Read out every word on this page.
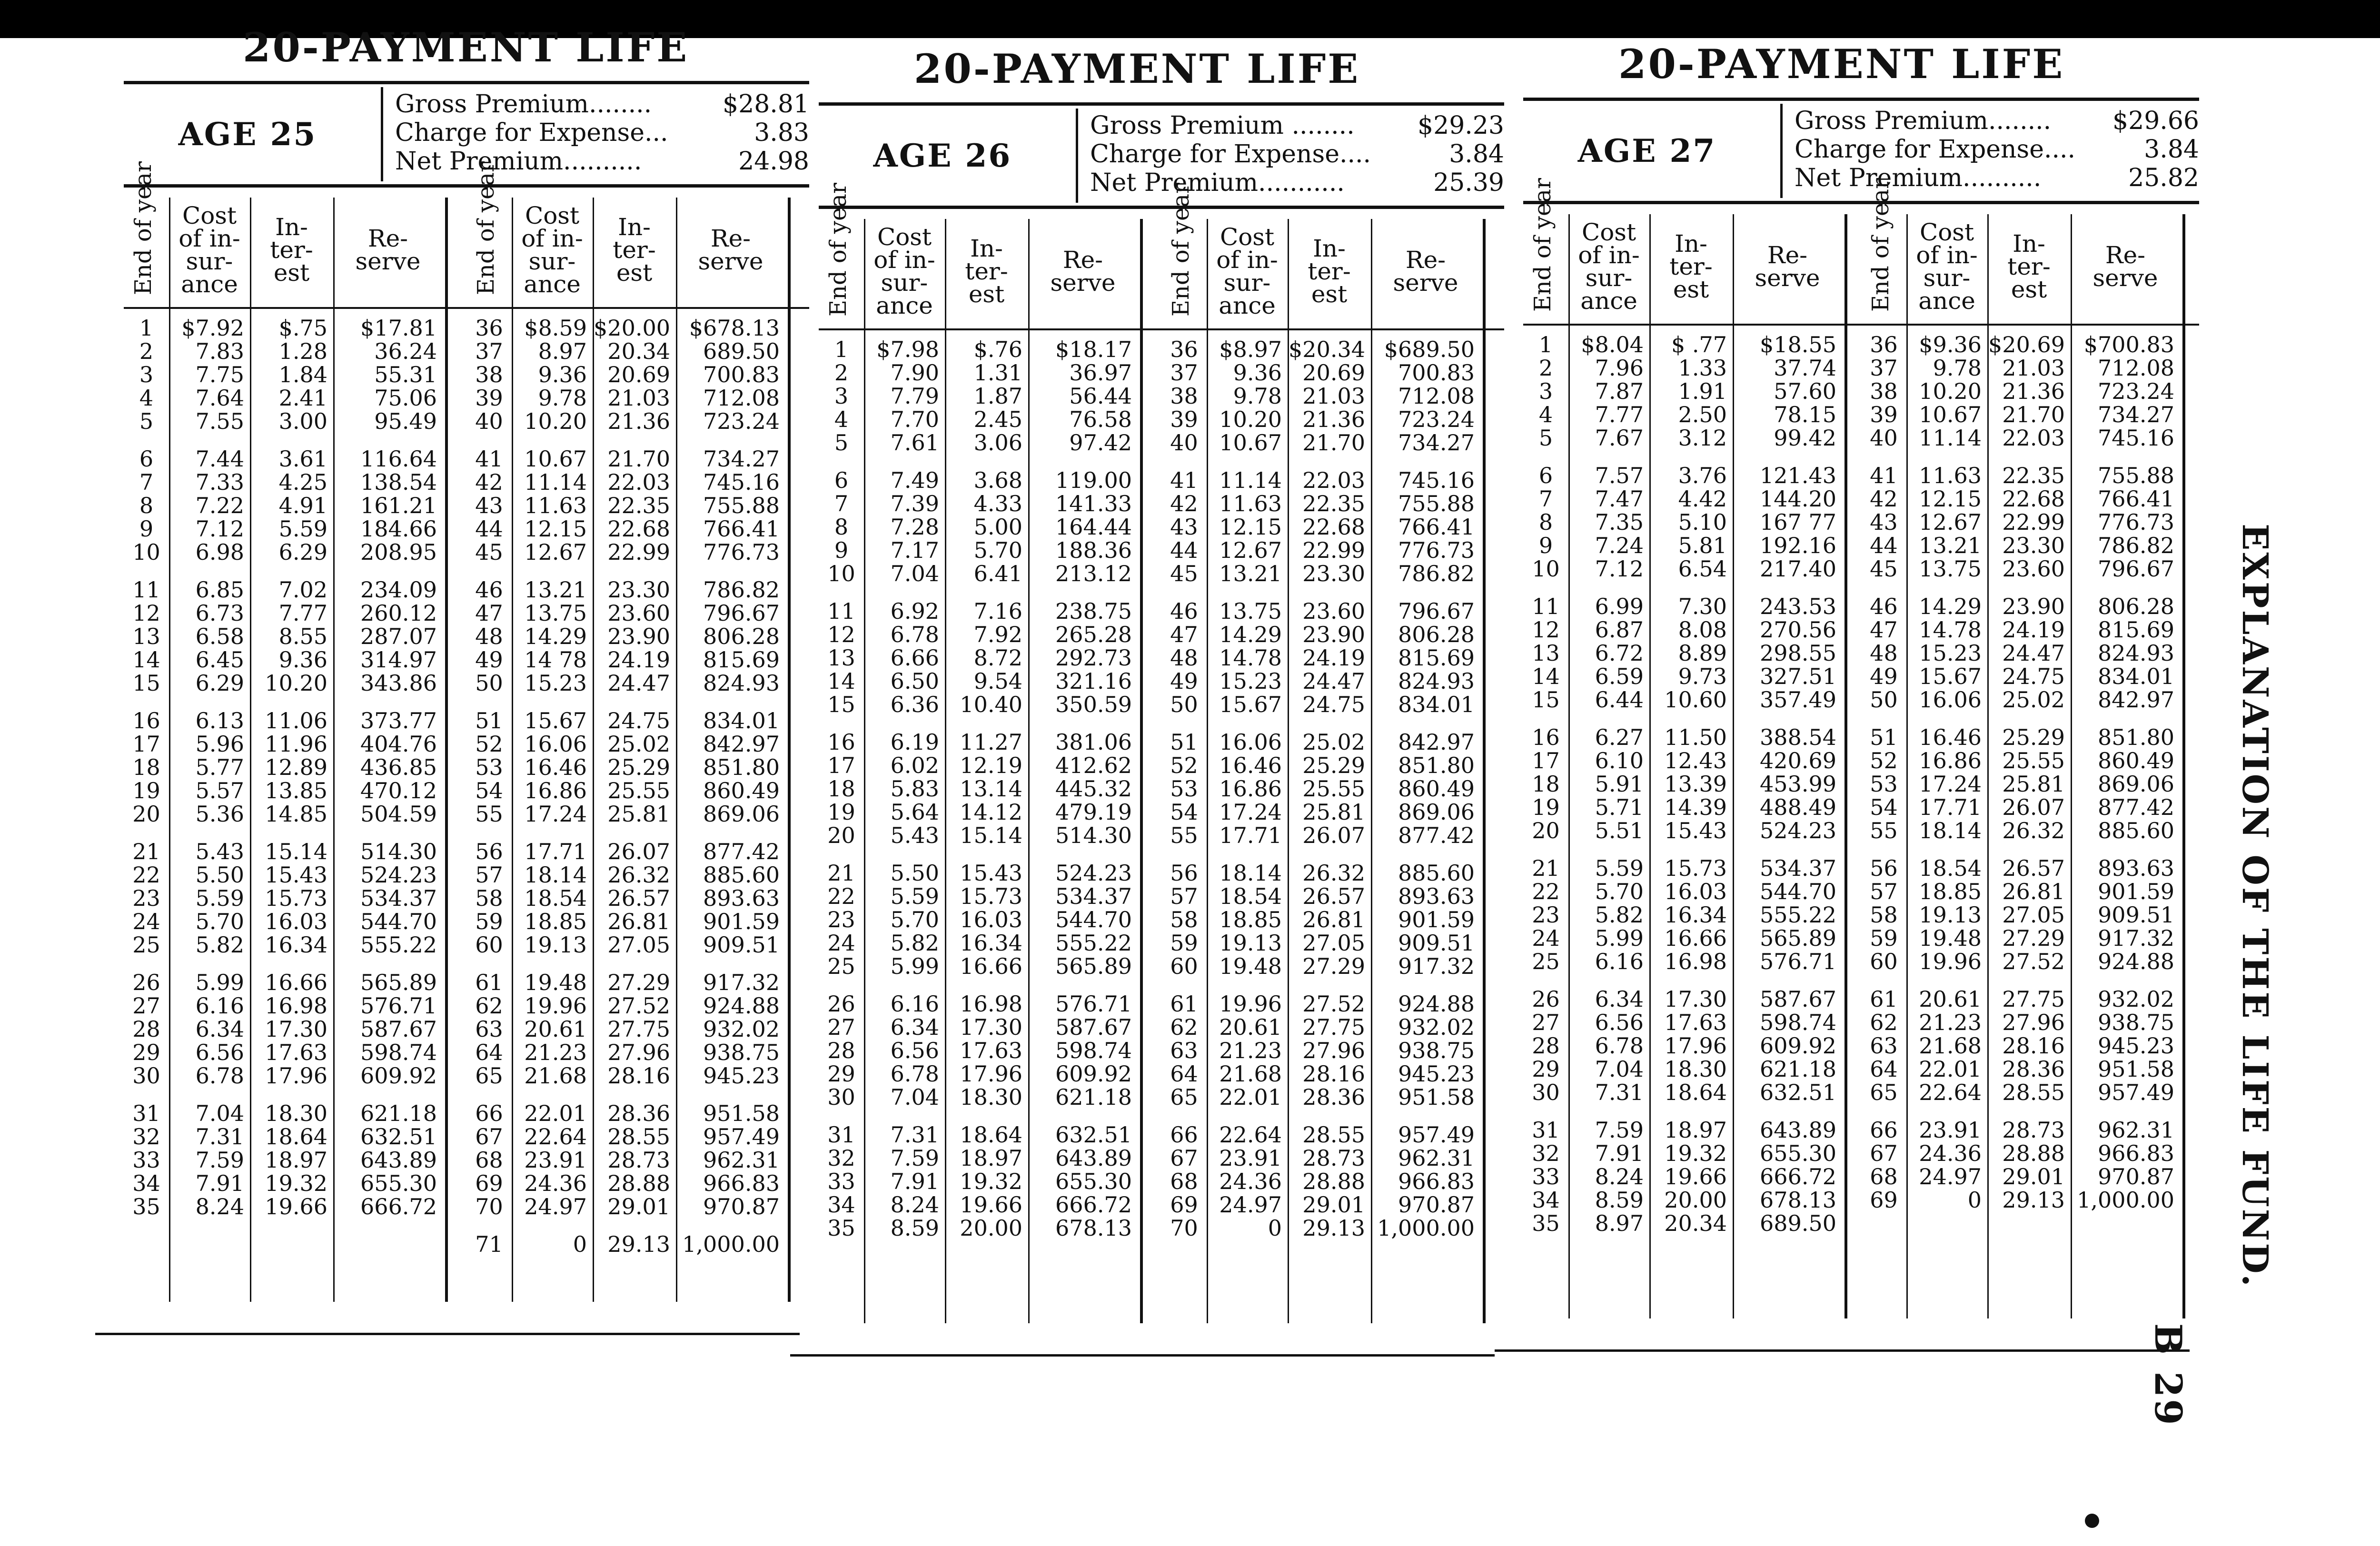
20-PAYMENT LIFE
AGE 25
Gross Premium........	$28.81
Charge for Expense...	3.83
Net Premium..........	24.98
End of year	Cost
of in-
sur-
ance
In-
ter-
est
Re-
serve
1	$7.92	$.75	$17.81
2	7.83	1.28	36.24
3	7.75	1.84	55.31
4	7.64	2.41	75.06
5	7.55	3.00	95.49
6	7.44	3.61	116.64
7	7.33	4.25	138.54
8	7.22	4.91	161.21
9	7.12	5.59	184.66
10	6.98	6.29	208.95
11	6.85	7.02	234.09
12	6.73	7.77	260.12
13	6.58	8.55	287.07
14	6.45	9.36	314.97
15	6.29 10.20	343.86
16	6.13 11.06	373.77
17	5.96 11.96	404.76
18	5.77 12.89	436.85
19	5.57 13.85	470.12
20	5.36 14.85	504.59
21	5.43 15.14	514.30
22	5.50 15.43	524.23
23	5.59 15.73	534.37
24	5.70 16.03	544.70
25	5.82 16.34	555.22
26	5.99 16.66	565.89
27	6.16 16.98	576.71
28	6.34 17.30	587.67
29	6.56 17.63	598.74
30	6.78 17.96	609.92
31	7.04 18.30	621.18
32	7.31 18.64	632.51
33	7.59 18.97	643.89
34	7.91 19.32	655.30
35	8.24 19.66	666.72
End of year	Cost
of in-
sur-
ance
In-
ter-
est
Re-
serve
36 $8.59 $20.00 $678.13
37	8.97 20.34	689.50
38	9.36 20.69	700.83
39	9.78 21.03	712.08
40 10.20 21.36	723.24
41 10.67 21.70	734.27
42 11.14 22.03	745.16
43 11.63 22.35	755.88
44 12.15 22.68	766.41
45 12.67 22.99	776.73
46 13.21 23.30	786.82
47 13.75 23.60	796.67
48 14.29 23.90	806.28
49 14 78 24.19	815.69
50 15.23 24.47	824.93
51 15.67 24.75	834.01
52 16.06 25.02	842.97
53 16.46 25.29	851.80
54 16.86 25.55	860.49
55 17.24 25.81	869.06
56 17.71 26.07	877.42
57 18.14 26.32	885.60
58 18.54 26.57	893.63
59 18.85 26.81	901.59
60 19.13 27.05	909.51
61 19.48 27.29	917.32
62 19.96 27.52	924.88
63 20.61 27.75	932.02
64 21.23 27.96	938.75
65 21.68 28.16	945.23
66 22.01 28.36	951.58
67 22.64 28.55	957.49
68 23.91 28.73	962.31
69 24.36 28.88	966.83
70 24.97 29.01	970.87
71	0 29.13 1,000.00
20-PAYMENT LIFE
AGE 26
Gross Premium ........	$29.23
Charge for Expense....	3.84
Net Premium...........	25.39
End of year	Cost
of in-
sur-
ance
In-
ter-
est
Re-
serve
1	$7.98	$.76	$18.17
2	7.90	1.31	36.97
3	7.79	1.87	56.44
4	7.70	2.45	76.58
5	7.61	3.06	97.42
6	7.49	3.68	119.00
7	7.39	4.33	141.33
8	7.28	5.00	164.44
9	7.17	5.70	188.36
10	7.04	6.41	213.12
11	6.92	7.16	238.75
12	6.78	7.92	265.28
13	6.66	8.72	292.73
14	6.50	9.54	321.16
15	6.36 10.40	350.59
16	6.19 11.27	381.06
17	6.02 12.19	412.62
18	5.83 13.14	445.32
19	5.64 14.12	479.19
20	5.43 15.14	514.30
21	5.50 15.43	524.23
22	5.59 15.73	534.37
23	5.70 16.03	544.70
24	5.82 16.34	555.22
25	5.99 16.66	565.89
26	6.16 16.98	576.71
27	6.34 17.30	587.67
28	6.56 17.63	598.74
29	6.78 17.96	609.92
30	7.04 18.30	621.18
31	7.31 18.64	632.51
32	7.59 18.97	643.89
33	7.91 19.32	655.30
34	8.24 19.66	666.72
35	8.59 20.00	678.13
End of year	Cost
of in-
sur-
ance
In-
ter-
est
Re-
serve
36 $8.97 $20.34 $689.50
37	9.36 20.69	700.83
38	9.78 21.03	712.08
39 10.20 21.36	723.24
40 10.67 21.70	734.27
41 11.14 22.03	745.16
42 11.63 22.35	755.88
43 12.15 22.68	766.41
44 12.67 22.99	776.73
45 13.21 23.30	786.82
46 13.75 23.60	796.67
47 14.29 23.90	806.28
48 14.78 24.19	815.69
49 15.23 24.47	824.93
50 15.67 24.75	834.01
51 16.06 25.02	842.97
52 16.46 25.29	851.80
53 16.86 25.55	860.49
54 17.24 25.81	869.06
55 17.71 26.07	877.42
56 18.14 26.32	885.60
57 18.54 26.57	893.63
58 18.85 26.81	901.59
59 19.13 27.05	909.51
60 19.48 27.29	917.32
61 19.96 27.52	924.88
62 20.61 27.75	932.02
63 21.23 27.96	938.75
64 21.68 28.16	945.23
65 22.01 28.36	951.58
66 22.64 28.55	957.49
67 23.91 28.73	962.31
68 24.36 28.88	966.83
69 24.97 29.01	970.87
70	0 29.13 1,000.00
20-PAYMENT LIFE
AGE 27
Gross Premium........ $29.66
Charge for Expense....	3.84
Net Premium..........	25.82
End of year	Cost
of in-
sur-
ance
In-
ter-
est
Re-
serve
1	$8.04	$ .77	$18.55
2	7.96	1.33	37.74
3	7.87	1.91	57.60
4	7.77	2.50	78.15
5	7.67	3.12	99.42
6	7.57	3.76	121.43
7	7.47	4.42	144.20
8	7.35	5.10	167 77
9	7.24	5.81	192.16
10	7.12	6.54	217.40
11	6.99	7.30	243.53
12	6.87	8.08	270.56
13	6.72	8.89	298.55
14	6.59	9.73	327.51
15	6.44 10.60	357.49
16	6.27 11.50	388.54
17	6.10 12.43	420.69
18	5.91 13.39	453.99
19	5.71 14.39	488.49
20	5.51 15.43	524.23
21	5.59 15.73	534.37
22	5.70 16.03	544.70
23	5.82 16.34	555.22
24	5.99 16.66	565.89
25	6.16 16.98	576.71
26	6.34 17.30	587.67
27	6.56 17.63	598.74
28	6.78 17.96	609.92
29	7.04 18.30	621.18
30	7.31 18.64	632.51
31	7.59 18.97	643.89
32	7.91 19.32	655.30
33	8.24 19.66	666.72
34	8.59 20.00	678.13
35	8.97 20.34	689.50
End of year	Cost
of in-
sur-
ance
In-
ter-
est
Re-
serve
36 $9.36 $20.69 $700.83
37	9.78 21.03	712.08
38 10.20 21.36	723.24
39 10.67 21.70	734.27
40 11.14 22.03	745.16
41 11.63 22.35	755.88
42 12.15 22.68	766.41
43 12.67 22.99	776.73
44 13.21 23.30	786.82
45 13.75 23.60	796.67
46 14.29 23.90	806.28
47 14.78 24.19	815.69
48 15.23 24.47	824.93
49 15.67 24.75	834.01
50 16.06 25.02	842.97
51 16.46 25.29	851.80
52 16.86 25.55	860.49
53 17.24 25.81	869.06
54 17.71 26.07	877.42
55 18.14 26.32	885.60
56 18.54 26.57	893.63
57 18.85 26.81	901.59
58 19.13 27.05	909.51
59 19.48 27.29	917.32
60 19.96 27.52	924.88
61 20.61 27.75	932.02
62 21.23 27.96	938.75
63 21.68 28.16	945.23
64 22.01 28.36	951.58
65 22.64 28.55	957.49
66 23.91 28.73	962.31
67 24.36 28.88	966.83
68 24.97 29.01	970.87
69	0 29.13 1,000.00 EXPLANATION OF THE LIFE FUND.
B 29
